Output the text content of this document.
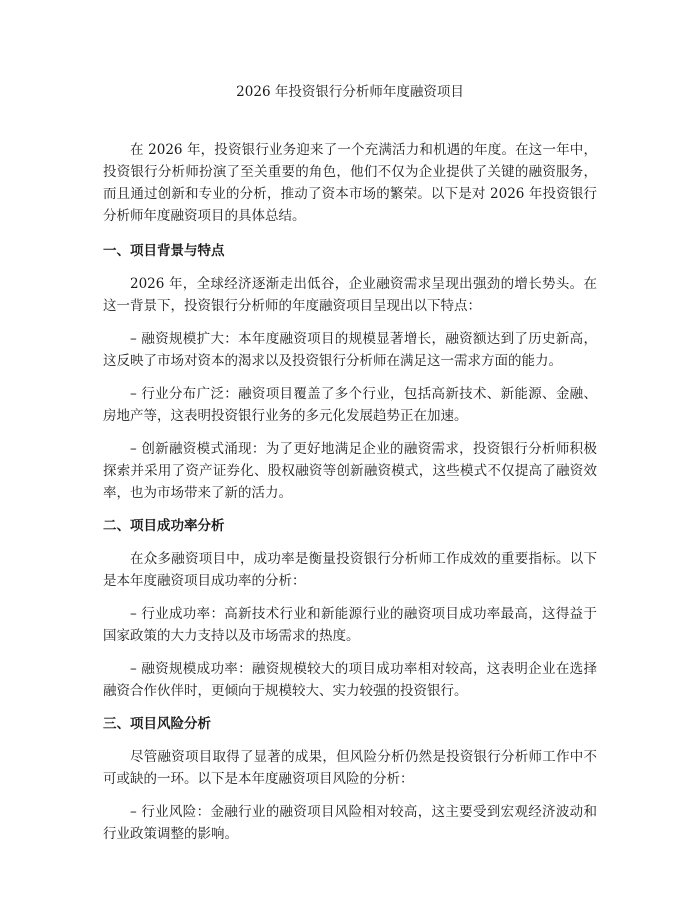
2026 年投资银行分析师年度融资项目

在 2026 年，投资银行业务迎来了一个充满活力和机遇的年度。在这一年中，投资银行分析师扮演了至关重要的角色，他们不仅为企业提供了关键的融资服务，而且通过创新和专业的分析，推动了资本市场的繁荣。以下是对 2026 年投资银行分析师年度融资项目的具体总结。

一、项目背景与特点

2026 年，全球经济逐渐走出低谷，企业融资需求呈现出强劲的增长势头。在这一背景下，投资银行分析师的年度融资项目呈现出以下特点：

– 融资规模扩大：本年度融资项目的规模显著增长，融资额达到了历史新高，这反映了市场对资本的渴求以及投资银行分析师在满足这一需求方面的能力。

– 行业分布广泛：融资项目覆盖了多个行业，包括高新技术、新能源、金融、房地产等，这表明投资银行业务的多元化发展趋势正在加速。

– 创新融资模式涌现：为了更好地满足企业的融资需求，投资银行分析师积极探索并采用了资产证券化、股权融资等创新融资模式，这些模式不仅提高了融资效率，也为市场带来了新的活力。

二、项目成功率分析

在众多融资项目中，成功率是衡量投资银行分析师工作成效的重要指标。以下是本年度融资项目成功率的分析：

– 行业成功率：高新技术行业和新能源行业的融资项目成功率最高，这得益于国家政策的大力支持以及市场需求的热度。

– 融资规模成功率：融资规模较大的项目成功率相对较高，这表明企业在选择融资合作伙伴时，更倾向于规模较大、实力较强的投资银行。

三、项目风险分析

尽管融资项目取得了显著的成果，但风险分析仍然是投资银行分析师工作中不可或缺的一环。以下是本年度融资项目风险的分析：

– 行业风险：金融行业的融资项目风险相对较高，这主要受到宏观经济波动和行业政策调整的影响。
